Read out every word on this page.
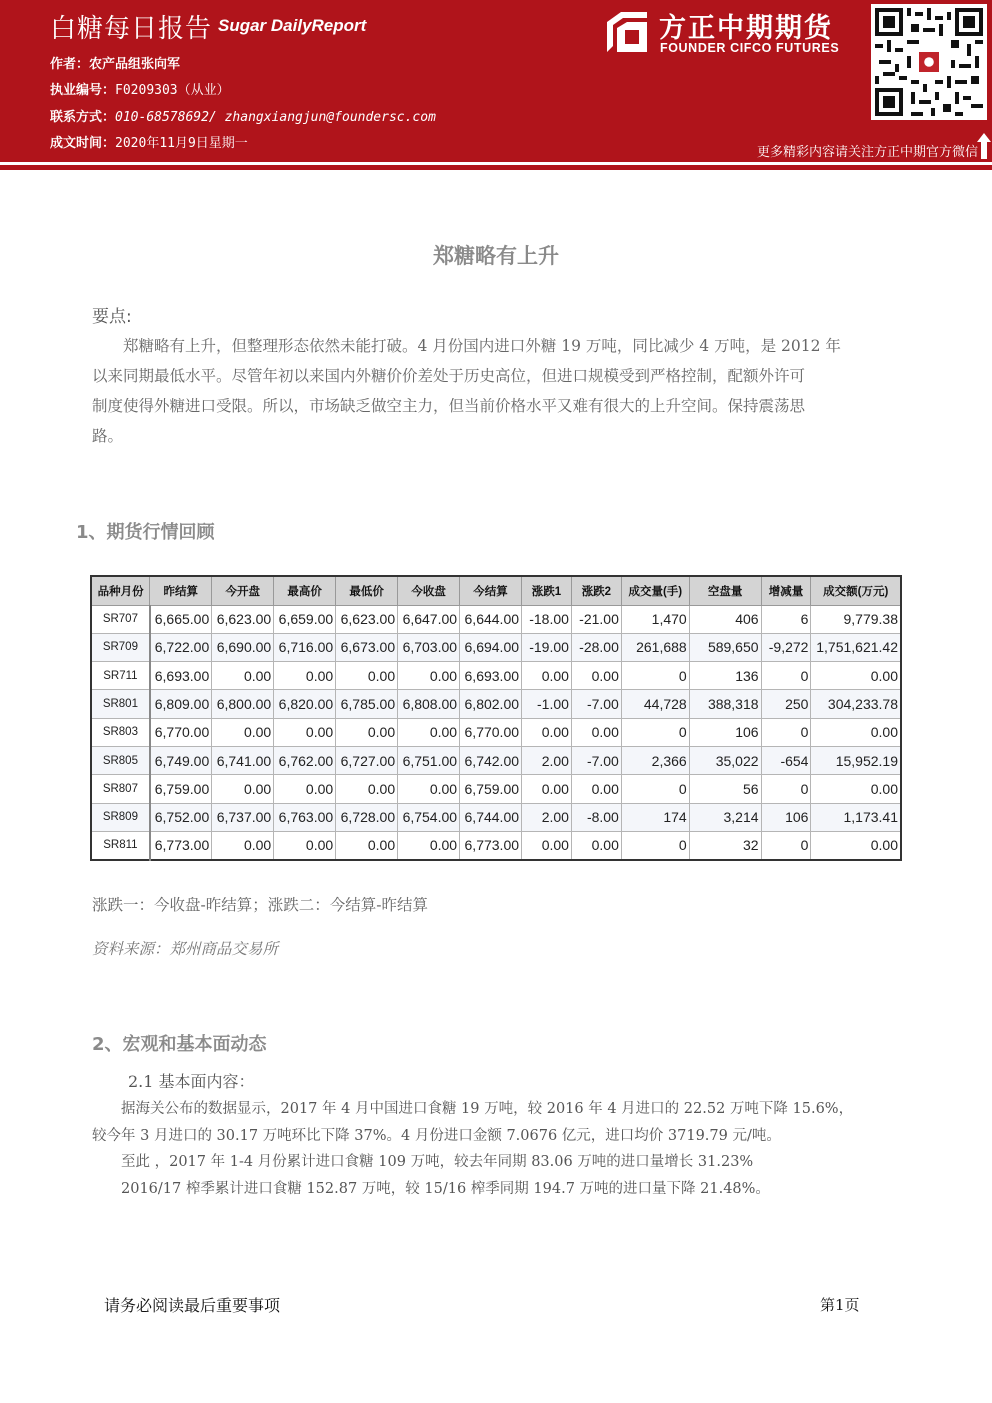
白糖每日报告 Sugar DailyReport
作者：农产品组张向军
执业编号：F0209303（从业）
联系方式：010-68578692/ zhangxiangjun@foundersc.com
成文时间：2020年11月9日星期一
方正中期期货
FOUNDER CIFCO FUTURES
更多精彩内容请关注方正中期官方微信
郑糖略有上升
要点:
　　郑糖略有上升，但整理形态依然未能打破。4 月份国内进口外糖 19 万吨，同比减少 4 万吨，是 2012 年
以来同期最低水平。尽管年初以来国内外糖价价差处于历史高位，但进口规模受到严格控制，配额外许可
制度使得外糖进口受限。所以，市场缺乏做空主力，但当前价格水平又难有很大的上升空间。保持震荡思
路。
1、期货行情回顾
品种月份	昨结算	今开盘	最高价	最低价	今收盘	今结算	涨跌1	涨跌2	成交量(手)	空盘量	增减量	成交额(万元)
SR707	6,665.00	6,623.00	6,659.00	6,623.00	6,647.00	6,644.00	-18.00	-21.00	1,470	406	6	9,779.38
SR709	6,722.00	6,690.00	6,716.00	6,673.00	6,703.00	6,694.00	-19.00	-28.00	261,688	589,650	-9,272	1,751,621.42
SR711	6,693.00	0.00	0.00	0.00	0.00	6,693.00	0.00	0.00	0	136	0	0.00
SR801	6,809.00	6,800.00	6,820.00	6,785.00	6,808.00	6,802.00	-1.00	-7.00	44,728	388,318	250	304,233.78
SR803	6,770.00	0.00	0.00	0.00	0.00	6,770.00	0.00	0.00	0	106	0	0.00
SR805	6,749.00	6,741.00	6,762.00	6,727.00	6,751.00	6,742.00	2.00	-7.00	2,366	35,022	-654	15,952.19
SR807	6,759.00	0.00	0.00	0.00	0.00	6,759.00	0.00	0.00	0	56	0	0.00
SR809	6,752.00	6,737.00	6,763.00	6,728.00	6,754.00	6,744.00	2.00	-8.00	174	3,214	106	1,173.41
SR811	6,773.00	0.00	0.00	0.00	0.00	6,773.00	0.00	0.00	0	32	0	0.00
涨跌一：今收盘-昨结算；涨跌二：今结算-昨结算
资料来源：郑州商品交易所
2、宏观和基本面动态
2.1 基本面内容：
　　据海关公布的数据显示，2017 年 4 月中国进口食糖 19 万吨，较 2016 年 4 月进口的 22.52 万吨下降 15.6%，
较今年 3 月进口的 30.17 万吨环比下降 37%。4 月份进口金额 7.0676 亿元，进口均价 3719.79 元/吨。
　　至此 ，2017 年 1-4 月份累计进口食糖 109 万吨，较去年同期 83.06 万吨的进口量增长 31.23%
　　2016/17 榨季累计进口食糖 152.87 万吨，较 15/16 榨季同期 194.7 万吨的进口量下降 21.48%。
请务必阅读最后重要事项	第1页
